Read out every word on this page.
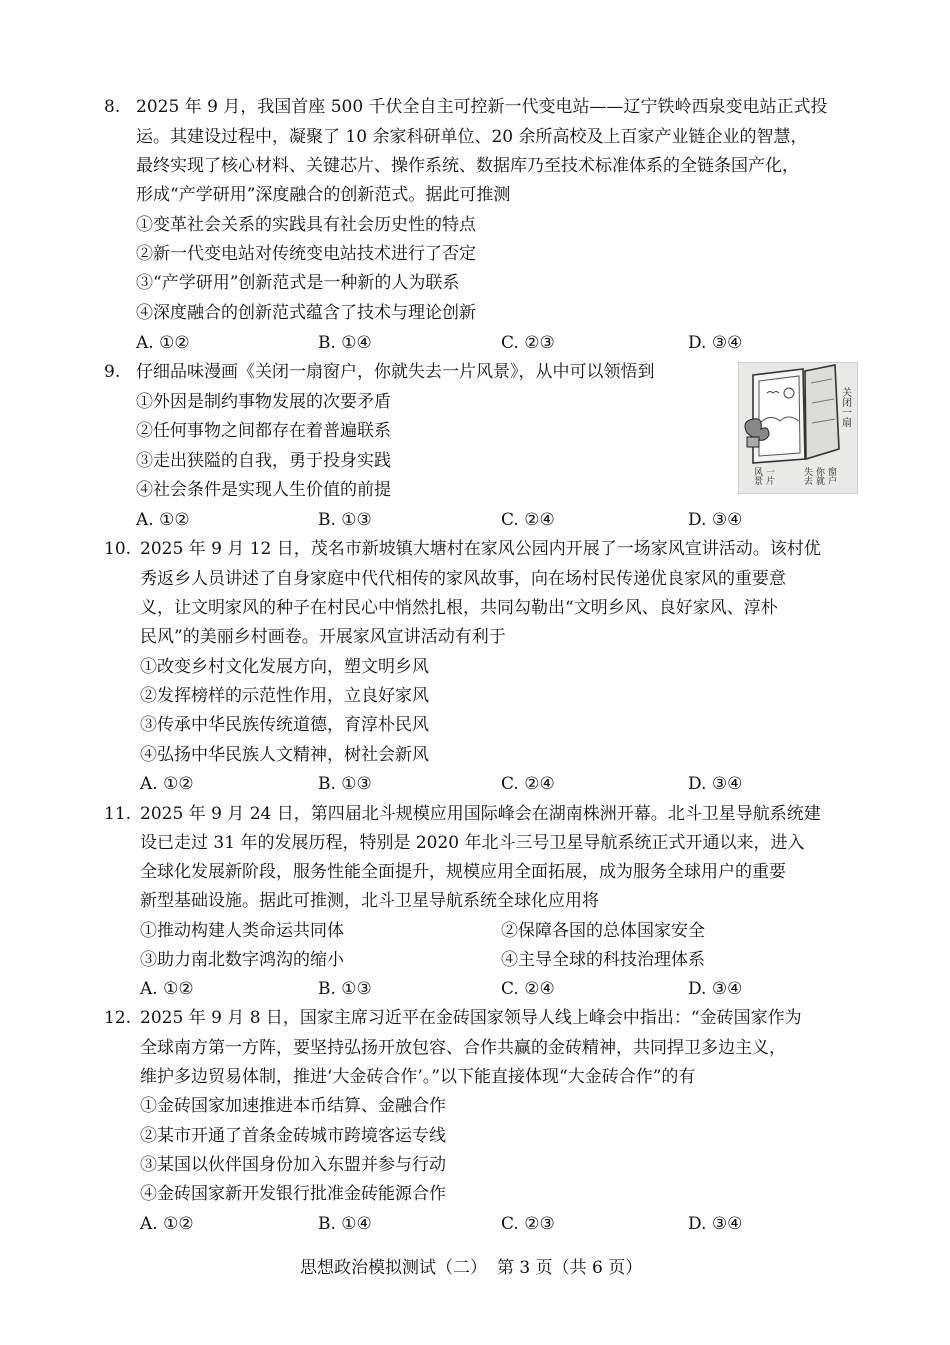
8. 2025 年 9 月，我国首座 500 千伏全自主可控新一代变电站——辽宁铁岭西泉变电站正式投
运。其建设过程中，凝聚了 10 余家科研单位、20 余所高校及上百家产业链企业的智慧，
最终实现了核心材料、关键芯片、操作系统、数据库乃至技术标准体系的全链条国产化，
形成“产学研用”深度融合的创新范式。据此可推测
①变革社会关系的实践具有社会历史性的特点
②新一代变电站对传统变电站技术进行了否定
③“产学研用”创新范式是一种新的人为联系
④深度融合的创新范式蕴含了技术与理论创新
A. ①②	B. ①④	C. ②③	D. ③④
9. 仔细品味漫画《关闭一扇窗户，你就失去一片风景》，从中可以领悟到
①外因是制约事物发展的次要矛盾
②任何事物之间都存在着普遍联系
③走出狭隘的自我，勇于投身实践
④社会条件是实现人生价值的前提
A. ①②	B. ①③	C. ②④	D. ③④
关闭一扇
窗户
你就
失去
一片
风景
10. 2025 年 9 月 12 日，茂名市新坡镇大塘村在家风公园内开展了一场家风宣讲活动。该村优
秀返乡人员讲述了自身家庭中代代相传的家风故事，向在场村民传递优良家风的重要意
义，让文明家风的种子在村民心中悄然扎根，共同勾勒出“文明乡风、良好家风、淳朴
民风”的美丽乡村画卷。开展家风宣讲活动有利于
①改变乡村文化发展方向，塑文明乡风
②发挥榜样的示范性作用，立良好家风
③传承中华民族传统道德，育淳朴民风
④弘扬中华民族人文精神，树社会新风
A. ①②	B. ①③	C. ②④	D. ③④
11. 2025 年 9 月 24 日，第四届北斗规模应用国际峰会在湖南株洲开幕。北斗卫星导航系统建
设已走过 31 年的发展历程，特别是 2020 年北斗三号卫星导航系统正式开通以来，进入
全球化发展新阶段，服务性能全面提升，规模应用全面拓展，成为服务全球用户的重要
新型基础设施。据此可推测，北斗卫星导航系统全球化应用将
①推动构建人类命运共同体	②保障各国的总体国家安全
③助力南北数字鸿沟的缩小	④主导全球的科技治理体系
A. ①②	B. ①③	C. ②④	D. ③④
12. 2025 年 9 月 8 日，国家主席习近平在金砖国家领导人线上峰会中指出：“金砖国家作为
全球南方第一方阵，要坚持弘扬开放包容、合作共赢的金砖精神，共同捍卫多边主义，
维护多边贸易体制，推进‘大金砖合作’。”以下能直接体现“大金砖合作”的有
①金砖国家加速推进本币结算、金融合作
②某市开通了首条金砖城市跨境客运专线
③某国以伙伴国身份加入东盟并参与行动
④金砖国家新开发银行批准金砖能源合作
A. ①②	B. ①④	C. ②③	D. ③④
思想政治模拟测试（二） 第 3 页（共 6 页）
